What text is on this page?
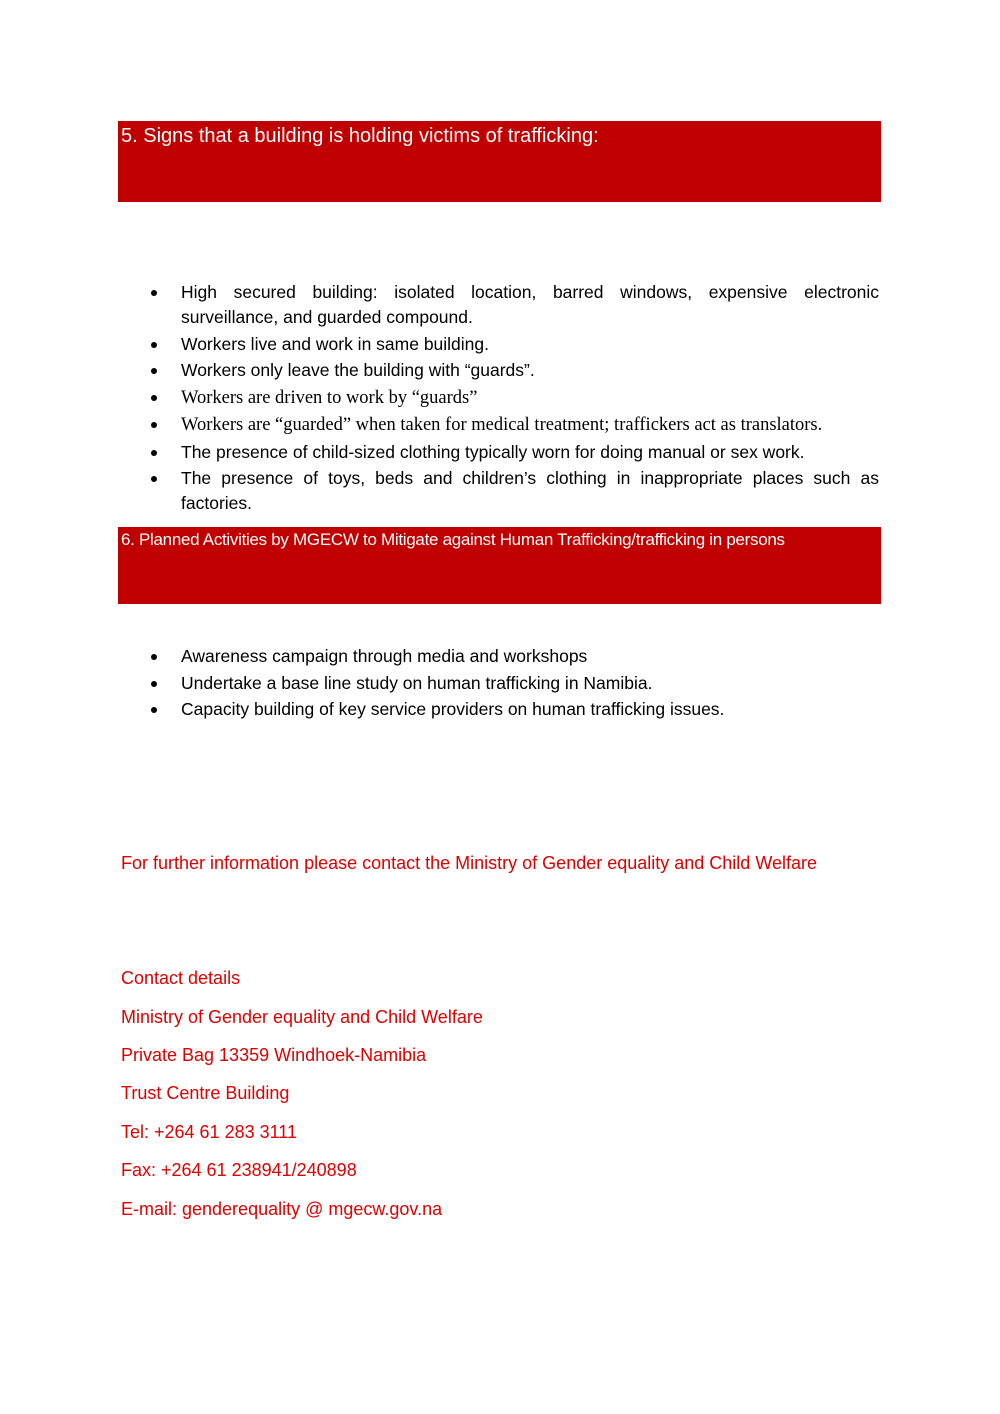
5. Signs that a building is holding victims of trafficking:
High secured building: isolated location, barred windows, expensive electronic surveillance, and guarded compound.
Workers live and work in same building.
Workers only leave the building with “guards”.
Workers are driven to work by “guards”
Workers are “guarded” when taken for medical treatment; traffickers act as translators.
The presence of child-sized clothing typically worn for doing manual or sex work.
The presence of toys, beds and children’s clothing in inappropriate places such as factories.
6. Planned Activities by MGECW to Mitigate against Human Trafficking/trafficking in persons
Awareness campaign through media and workshops
Undertake a base line study on human trafficking in Namibia.
Capacity building of key service providers on human trafficking issues.
For further information please contact the Ministry of Gender equality and Child Welfare
Contact details
Ministry of Gender equality and Child Welfare
Private Bag 13359 Windhoek-Namibia
Trust Centre Building
Tel: +264 61 283 3111
Fax: +264 61 238941/240898
E-mail: genderequality @ mgecw.gov.na
